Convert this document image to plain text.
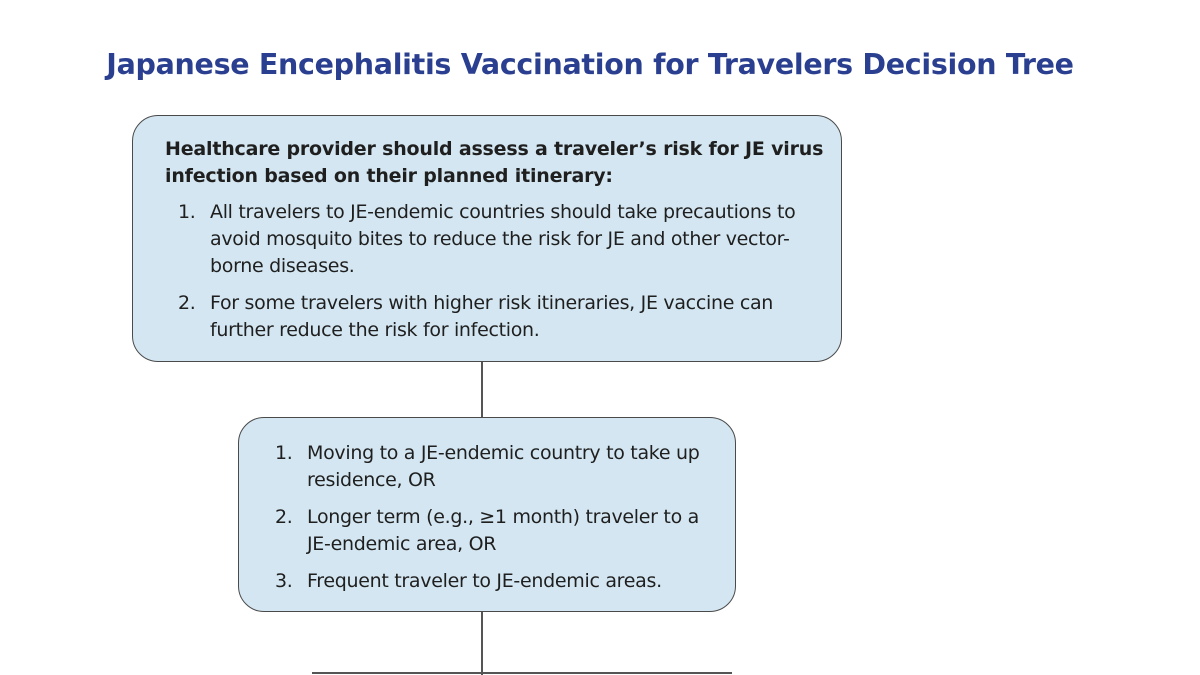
Japanese Encephalitis Vaccination for Travelers Decision Tree
Healthcare provider should assess a traveler’s risk for JE virus infection based on their planned itinerary:
1. All travelers to JE-endemic countries should take precautions to avoid mosquito bites to reduce the risk for JE and other vector-borne diseases.
2. For some travelers with higher risk itineraries, JE vaccine can further reduce the risk for infection.
1. Moving to a JE-endemic country to take up residence, OR
2. Longer term (e.g., ≥1 month) traveler to a JE-endemic area, OR
3. Frequent traveler to JE-endemic areas.
